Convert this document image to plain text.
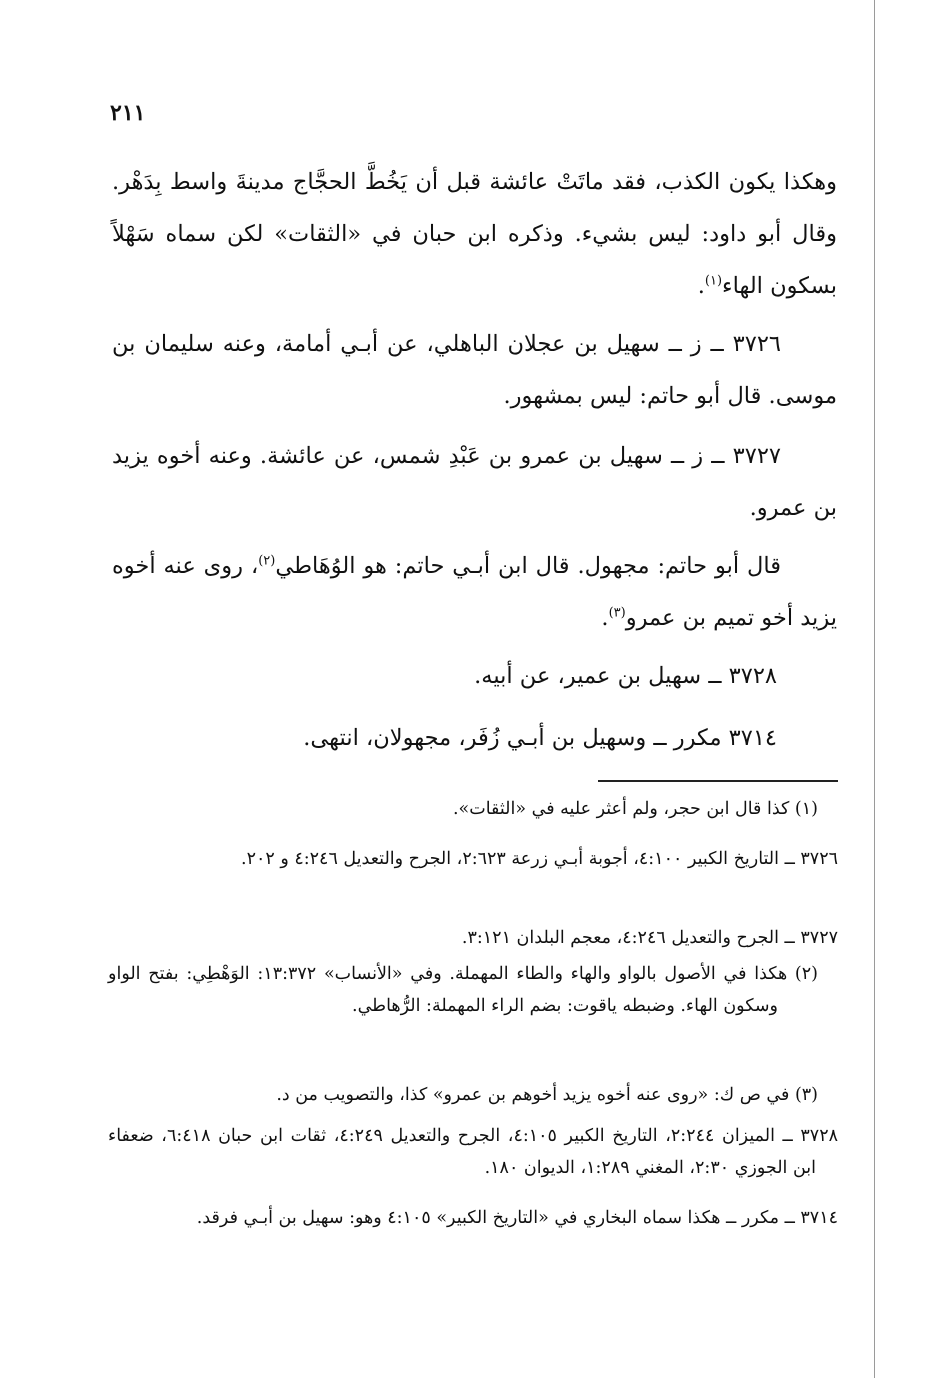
٢١١
وهكذا يكون الكذب، فقد ماتَتْ عائشة قبل أن يَخُطَّ الحجَّاج مدينةَ واسط بِدَهْر. وقال أبو داود: ليس بشيء. وذكره ابن حبان في «الثقات» لكن سماه سَهْلاً بسكون الهاء$^{(١)}$.
٣٧٢٦ ــ ز ــ سهيل بن عجلان الباهلي، عن أبـي أمامة، وعنه سليمان بن موسى. قال أبو حاتم: ليس بمشهور.
٣٧٢٧ ــ ز ــ سهيل بن عمرو بن عَبْدِ شمس، عن عائشة. وعنه أخوه يزيد بن عمرو.
قال أبو حاتم: مجهول. قال ابن أبـي حاتم: هو الوُهَاطي$^{(٢)}$، روى عنه أخوه يزيد أخو تميم بن عمرو$^{(٣)}$.
٣٧٢٨ ــ سهيل بن عمير، عن أبيه.
٣٧١٤ مكرر ــ وسهيل بن أبـي زُفَر، مجهولان، انتهى.
(١) كذا قال ابن حجر، ولم أعثر عليه في «الثقات».
٣٧٢٦ ــ التاريخ الكبير ٤:١٠٠، أجوبة أبـي زرعة ٢:٦٢٣، الجرح والتعديل ٤:٢٤٦ و ٢٠٢.
٣٧٢٧ ــ الجرح والتعديل ٤:٢٤٦، معجم البلدان ٣:١٢١.
(٢) هكذا في الأصول بالواو والهاء والطاء المهملة. وفي «الأنساب» ١٣:٣٧٢: الوَهْطِي: بفتح الواو وسكون الهاء. وضبطه ياقوت: بضم الراء المهملة: الرُّهاطي.
(٣) في ص ك: «روى عنه أخوه يزيد أخوهم بن عمرو» كذا، والتصويب من د.
٣٧٢٨ ــ الميزان ٢:٢٤٤، التاريخ الكبير ٤:١٠٥، الجرح والتعديل ٤:٢٤٩، ثقات ابن حبان ٦:٤١٨، ضعفاء ابن الجوزي ٢:٣٠، المغني ١:٢٨٩، الديوان ١٨٠.
٣٧١٤ ــ مكرر ــ هكذا سماه البخاري في «التاريخ الكبير» ٤:١٠٥ وهو: سهيل بن أبـي فرقد.
